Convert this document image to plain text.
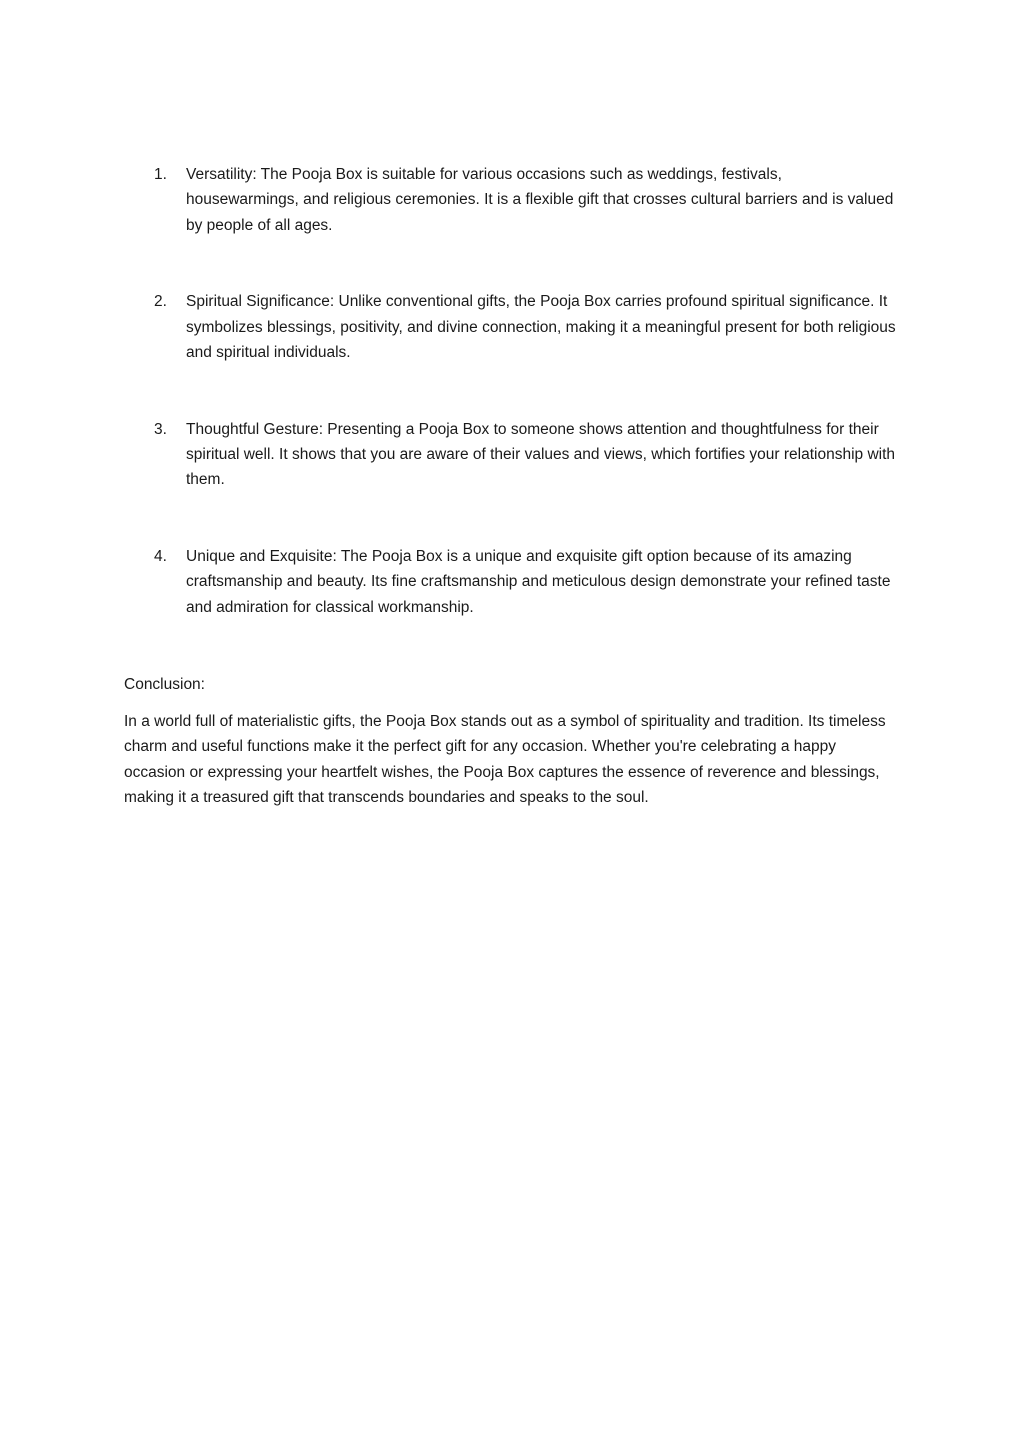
1. Versatility: The Pooja Box is suitable for various occasions such as weddings, festivals, housewarmings, and religious ceremonies. It is a flexible gift that crosses cultural barriers and is valued by people of all ages.
2. Spiritual Significance: Unlike conventional gifts, the Pooja Box carries profound spiritual significance. It symbolizes blessings, positivity, and divine connection, making it a meaningful present for both religious and spiritual individuals.
3. Thoughtful Gesture: Presenting a Pooja Box to someone shows attention and thoughtfulness for their spiritual well. It shows that you are aware of their values and views, which fortifies your relationship with them.
4. Unique and Exquisite: The Pooja Box is a unique and exquisite gift option because of its amazing craftsmanship and beauty. Its fine craftsmanship and meticulous design demonstrate your refined taste and admiration for classical workmanship.

Conclusion:

In a world full of materialistic gifts, the Pooja Box stands out as a symbol of spirituality and tradition. Its timeless charm and useful functions make it the perfect gift for any occasion. Whether you're celebrating a happy occasion or expressing your heartfelt wishes, the Pooja Box captures the essence of reverence and blessings, making it a treasured gift that transcends boundaries and speaks to the soul.
